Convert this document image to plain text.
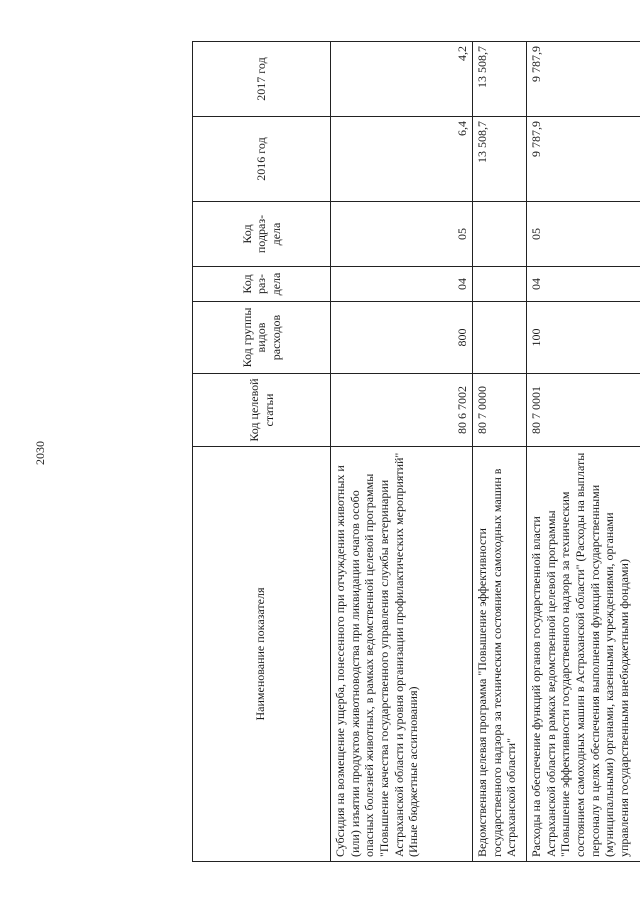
2030
Наименование показателя	Код целевой статьи	Код группы видов расходов	Код раз-дела	Код подраз-дела	2016 год	2017 год
Субсидия на возмещение ущерба, понесенного при отчуждении животных и (или) изъятии продуктов животноводства при ликвидации очагов особо опасных болезней животных, в рамках ведомственной целевой программы "Повышение качества государственного управления службы ветеринарии Астраханской области и уровня организации профилактических мероприятий" (Иные бюджетные ассигнования)	80 6 7002	800	04	05	6,4	4,2
Ведомственная целевая программа "Повышение эффективности государственного надзора за техническим состоянием самоходных машин в Астраханской области"	80 7 0000				13 508,7	13 508,7
Расходы на обеспечение функций органов государственной власти Астраханской области в рамках ведомственной целевой программы "Повышение эффективности государственного надзора за техническим состоянием самоходных машин в Астраханской области" (Расходы на выплаты персоналу в целях обеспечения выполнения функций государственными (муниципальными) органами, казенными учреждениями, органами управления государственными внебюджетными фондами)	80 7 0001	100	04	05	9 787,9	9 787,9
